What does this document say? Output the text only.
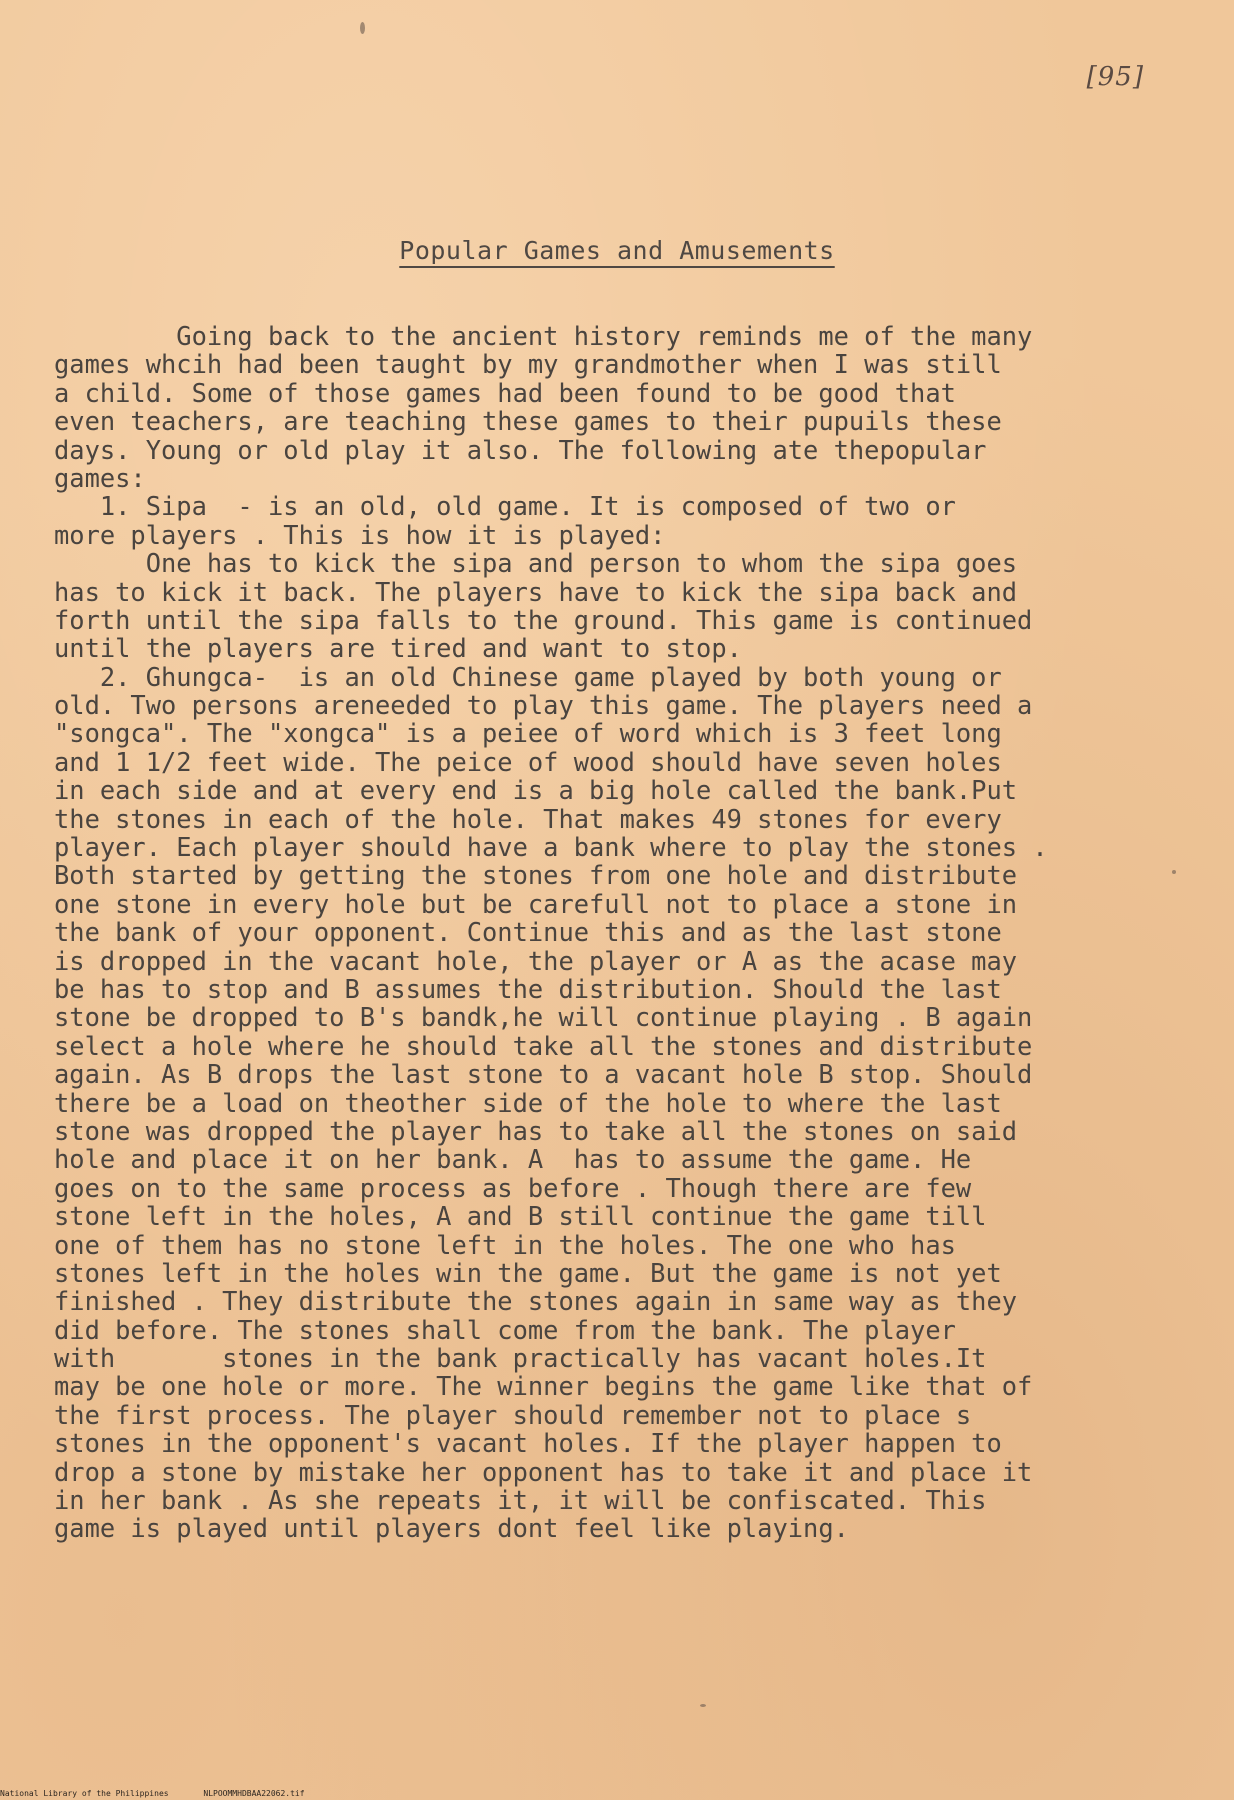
[95]
Popular Games and Amusements
Going back to the ancient history reminds me of the many
games whcih had been taught by my grandmother when I was still
a child. Some of those games had been found to be good that
even teachers, are teaching these games to their pupuils these
days. Young or old play it also. The following ate thepopular
games:
1. Sipa  - is an old, old game. It is composed of two or
more players . This is how it is played:
One has to kick the sipa and person to whom the sipa goes
has to kick it back. The players have to kick the sipa back and
forth until the sipa falls to the ground. This game is continued
until the players are tired and want to stop.
2. Ghungca-  is an old Chinese game played by both young or
old. Two persons areneeded to play this game. The players need a
"songca". The "xongca" is a peiee of word which is 3 feet long
and 1 1/2 feet wide. The peice of wood should have seven holes
in each side and at every end is a big hole called the bank.Put
the stones in each of the hole. That makes 49 stones for every
player. Each player should have a bank where to play the stones .
Both started by getting the stones from one hole and distribute
one stone in every hole but be carefull not to place a stone in
the bank of your opponent. Continue this and as the last stone
is dropped in the vacant hole, the player or A as the acase may
be has to stop and B assumes the distribution. Should the last
stone be dropped to B's bandk,he will continue playing . B again
select a hole where he should take all the stones and distribute
again. As B drops the last stone to a vacant hole B stop. Should
there be a load on theother side of the hole to where the last
stone was dropped the player has to take all the stones on said
hole and place it on her bank. A  has to assume the game. He
goes on to the same process as before . Though there are few
stone left in the holes, A and B still continue the game till
one of them has no stone left in the holes. The one who has
stones left in the holes win the game. But the game is not yet
finished . They distribute the stones again in same way as they
did before. The stones shall come from the bank. The player
with       stones in the bank practically has vacant holes.It
may be one hole or more. The winner begins the game like that of
the first process. The player should remember not to place s
stones in the opponent's vacant holes. If the player happen to
drop a stone by mistake her opponent has to take it and place it
in her bank . As she repeats it, it will be confiscated. This
game is played until players dont feel like playing.
National Library of the Philippines	NLPOOMMHDBAA22062.tif
